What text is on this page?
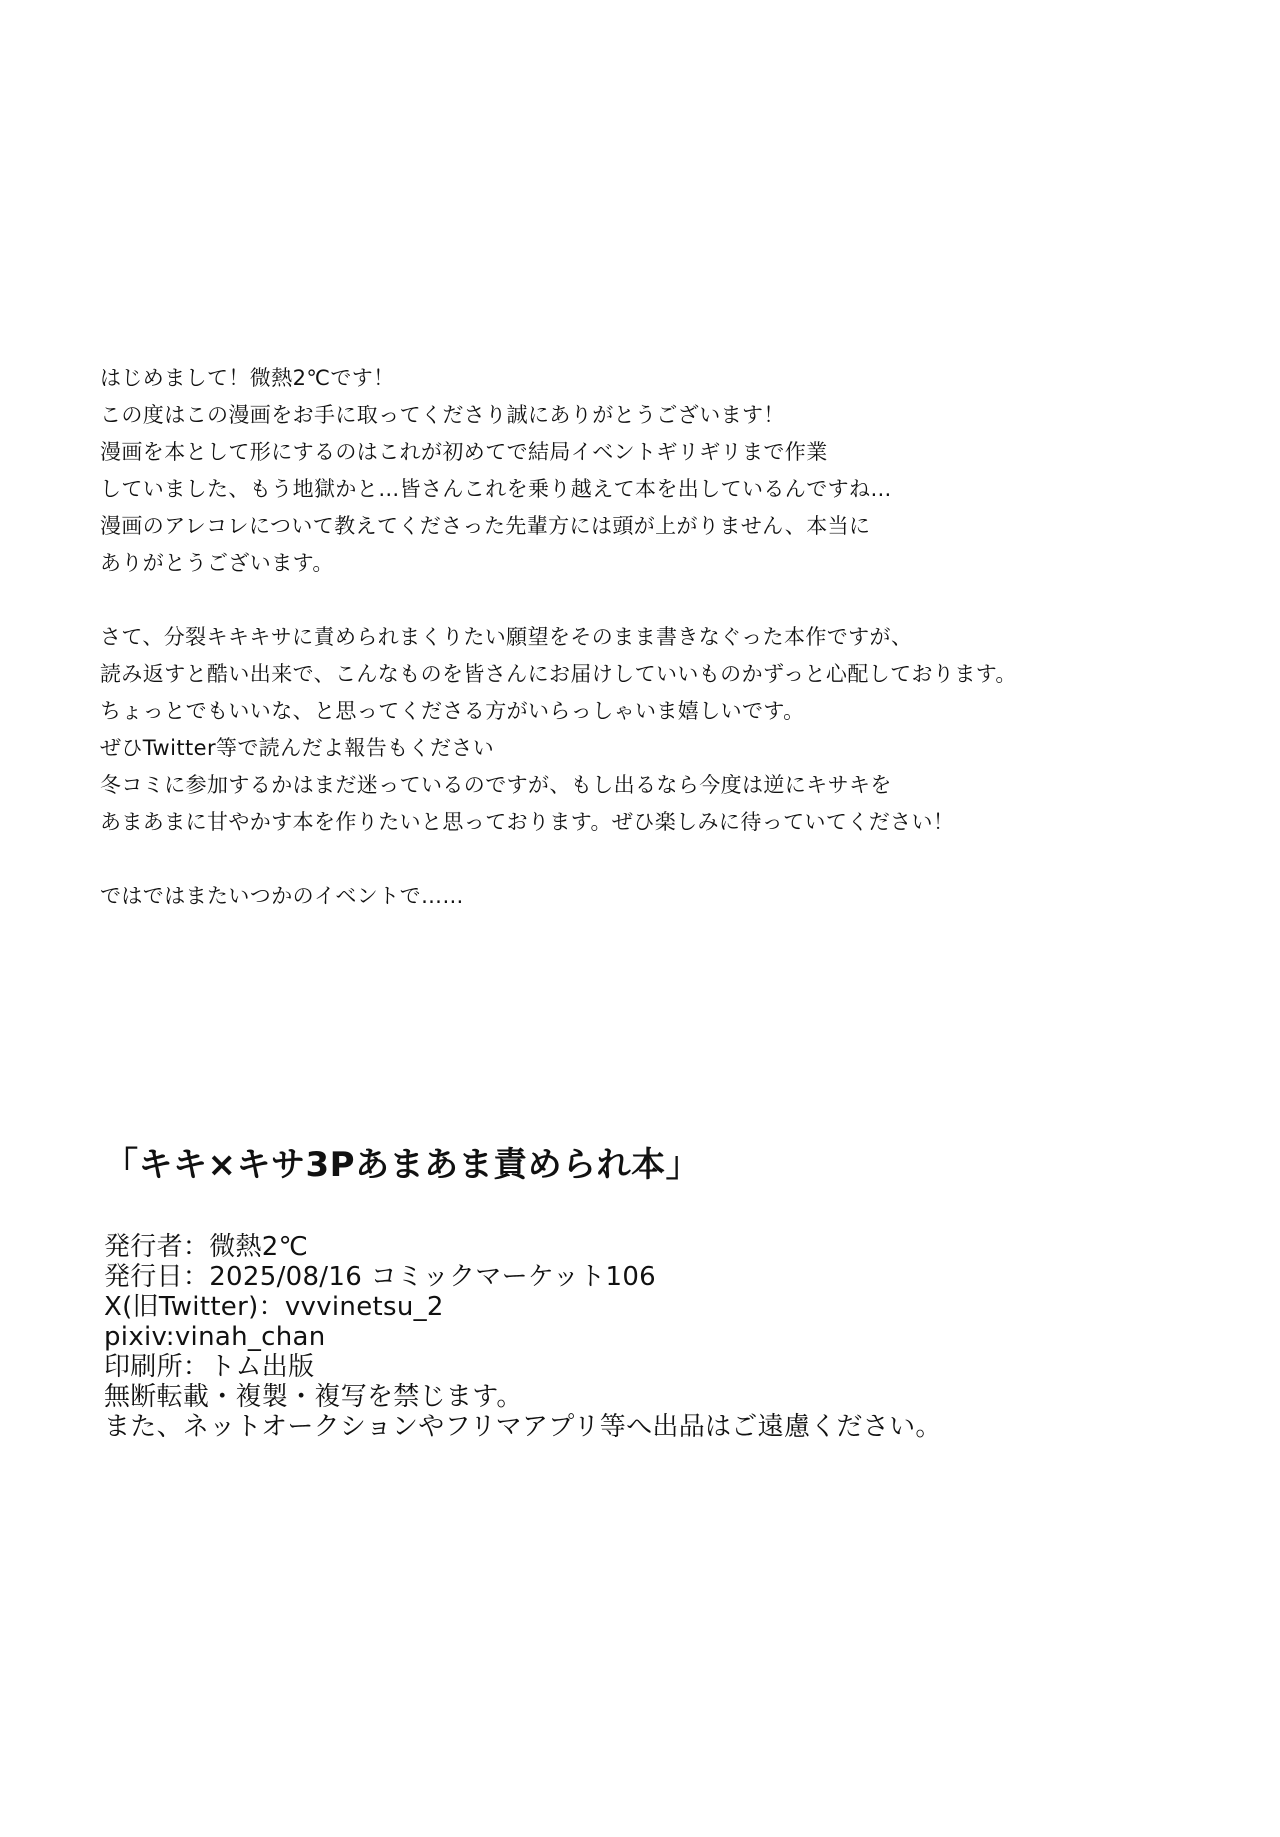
はじめまして！微熱2℃です！
この度はこの漫画をお手に取ってくださり誠にありがとうございます！
漫画を本として形にするのはこれが初めてで結局イベントギリギリまで作業
していました、もう地獄かと…皆さんこれを乗り越えて本を出しているんですね…
漫画のアレコレについて教えてくださった先輩方には頭が上がりません、本当に
ありがとうございます。
さて、分裂キキキサに責められまくりたい願望をそのまま書きなぐった本作ですが、
読み返すと酷い出来で、こんなものを皆さんにお届けしていいものかずっと心配しております。
ちょっとでもいいな、と思ってくださる方がいらっしゃいま嬉しいです。
ぜひTwitter等で読んだよ報告もください
冬コミに参加するかはまだ迷っているのですが、もし出るなら今度は逆にキサキを
あまあまに甘やかす本を作りたいと思っております。ぜひ楽しみに待っていてください！
ではではまたいつかのイベントで……
「キキ×キサ3Pあまあま責められ本」
発行者：微熱2℃
発行日：2025/08/16 コミックマーケット106
X(旧Twitter)：vvvinetsu_2
pixiv:vinah_chan
印刷所：トム出版
無断転載・複製・複写を禁じます。
また、ネットオークションやフリマアプリ等へ出品はご遠慮ください。
